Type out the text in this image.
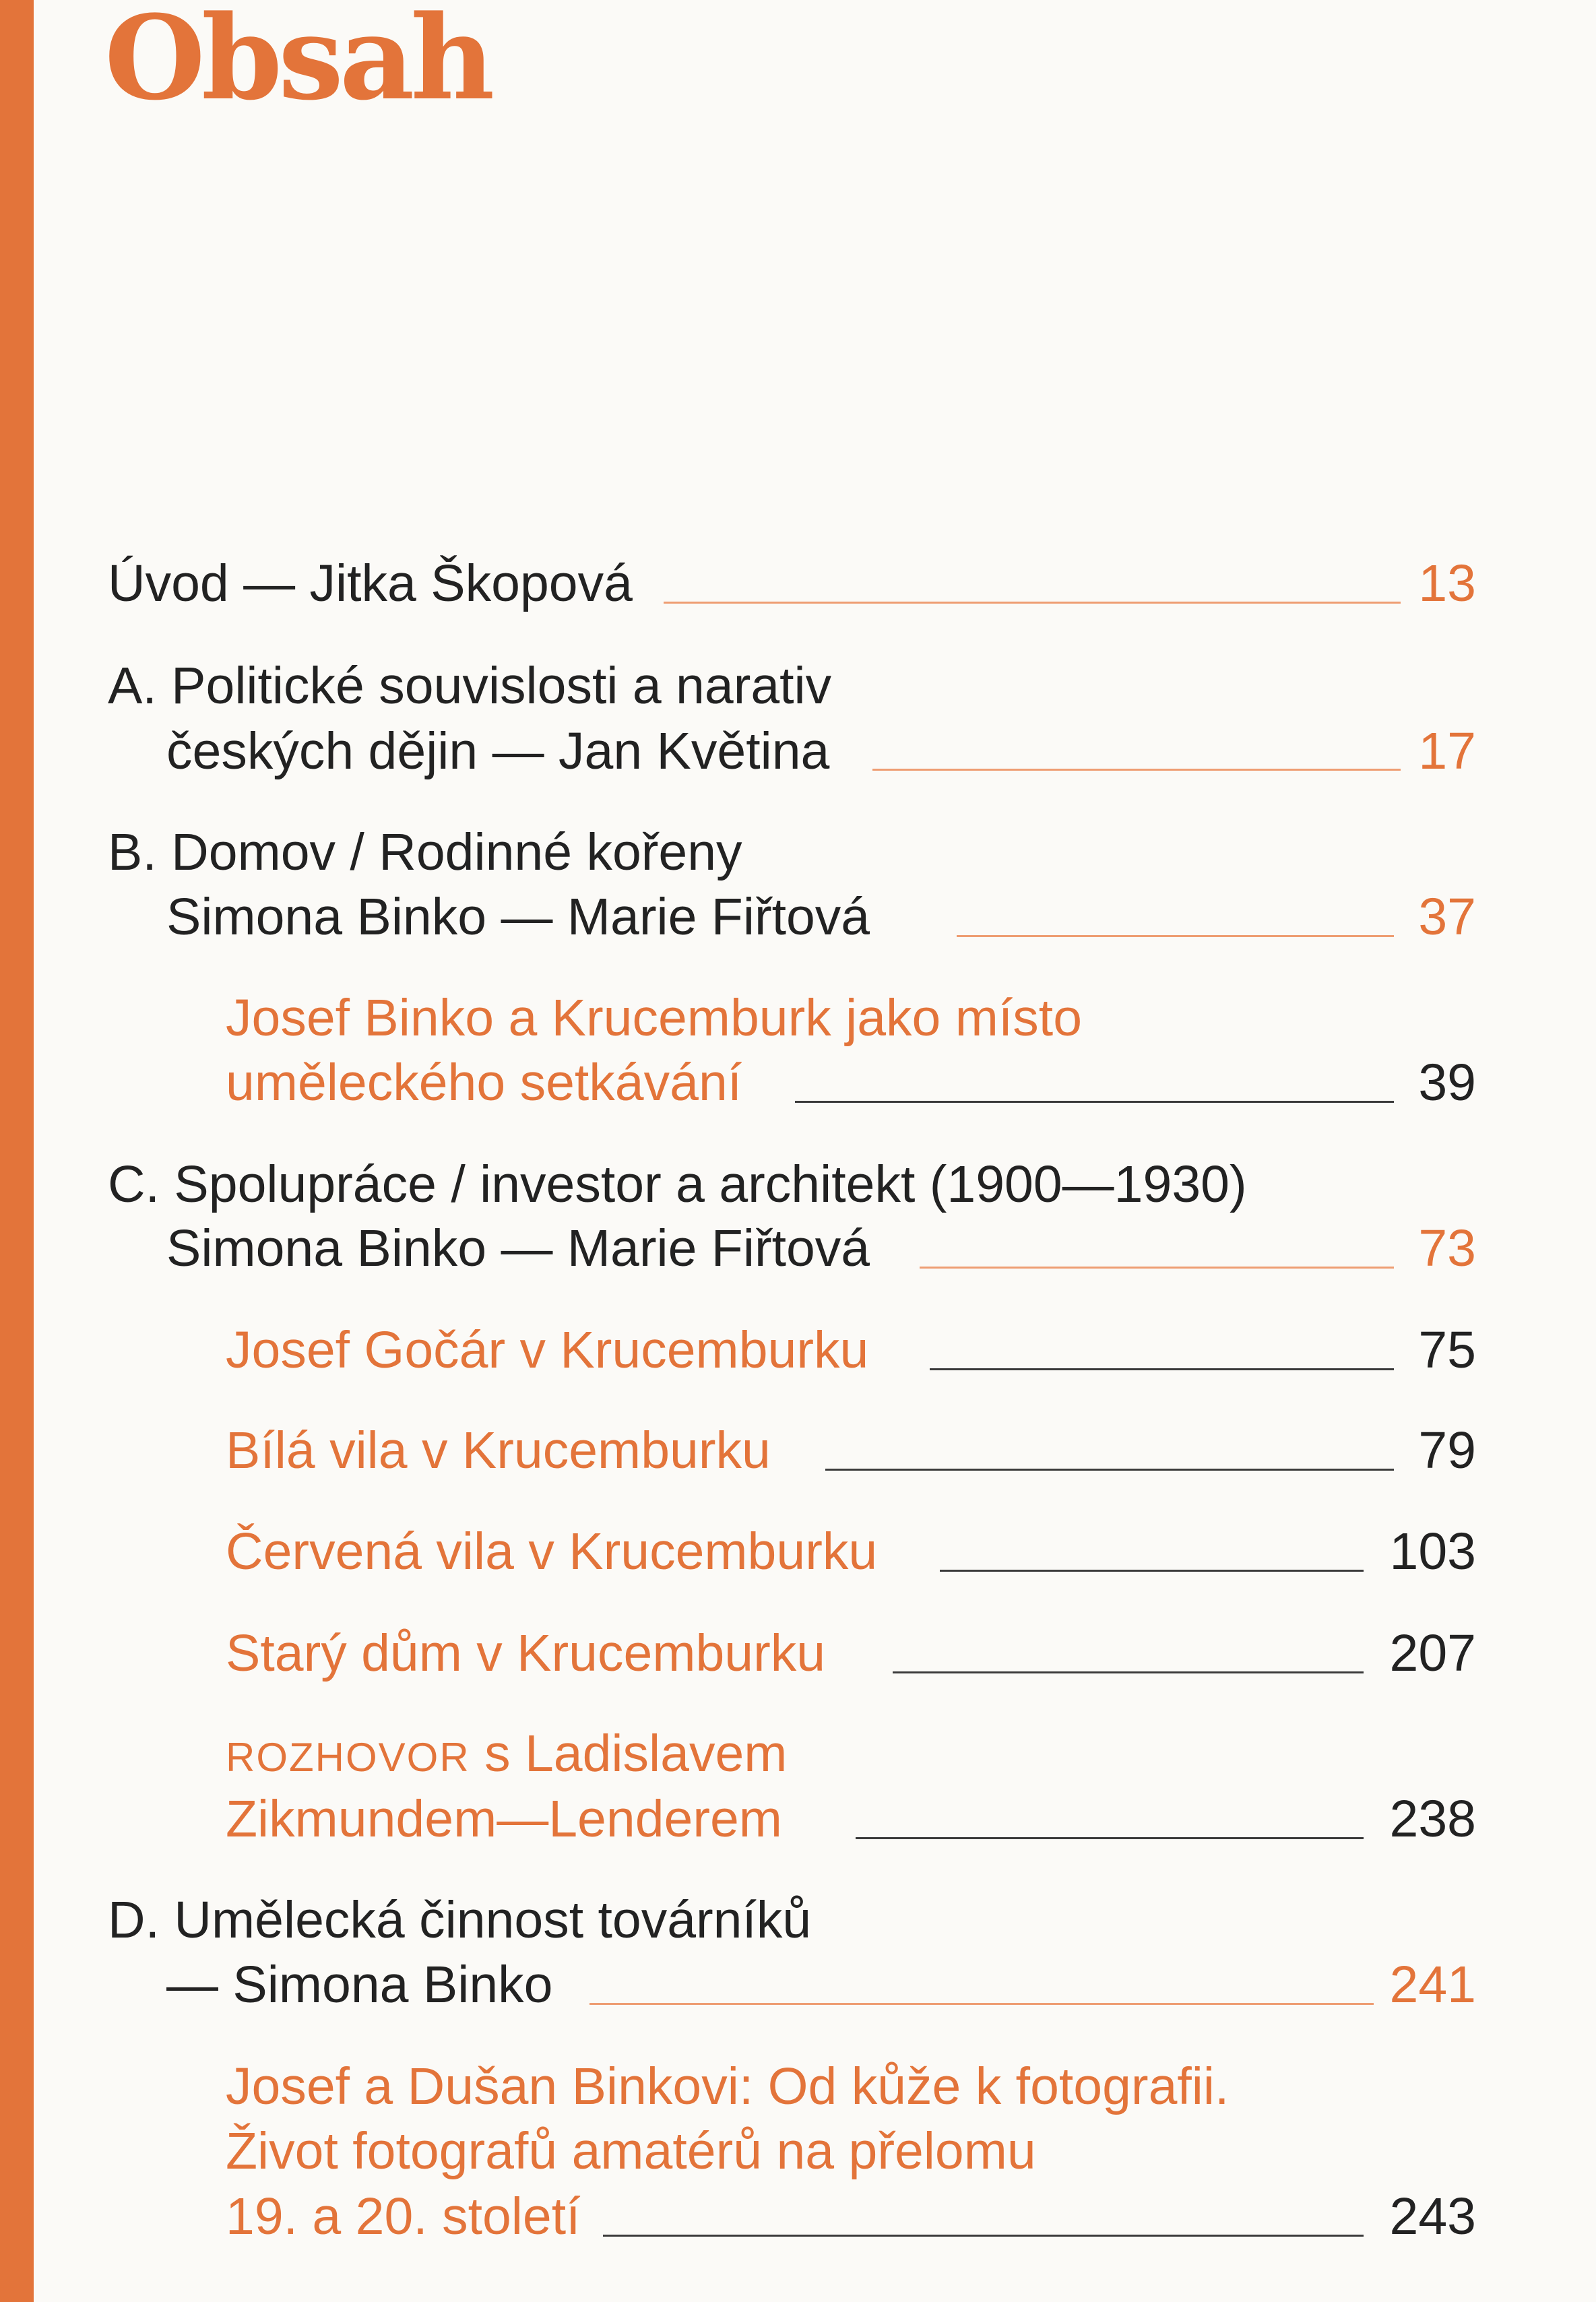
Obsah

Úvod — Jitka Škopová	13

A. Politické souvislosti a narativ

českých dějin — Jan Květina	17

B. Domov / Rodinné kořeny

Simona Binko — Marie Fiřtová	37

Josef Binko a Krucemburk jako místo

uměleckého setkávání	39

C. Spolupráce / investor a architekt (1900—1930)

Simona Binko — Marie Fiřtová	73

Josef Gočár v Krucemburku	75

Bílá vila v Krucemburku	79

Červená vila v Krucemburku	103

Starý dům v Krucemburku	207

ROZHOVOR s Ladislavem

Zikmundem—Lenderem	238

D. Umělecká činnost továrníků

— Simona Binko	241

Josef a Dušan Binkovi: Od kůže k fotografii.

Život fotografů amatérů na přelomu

19. a 20. století	243
